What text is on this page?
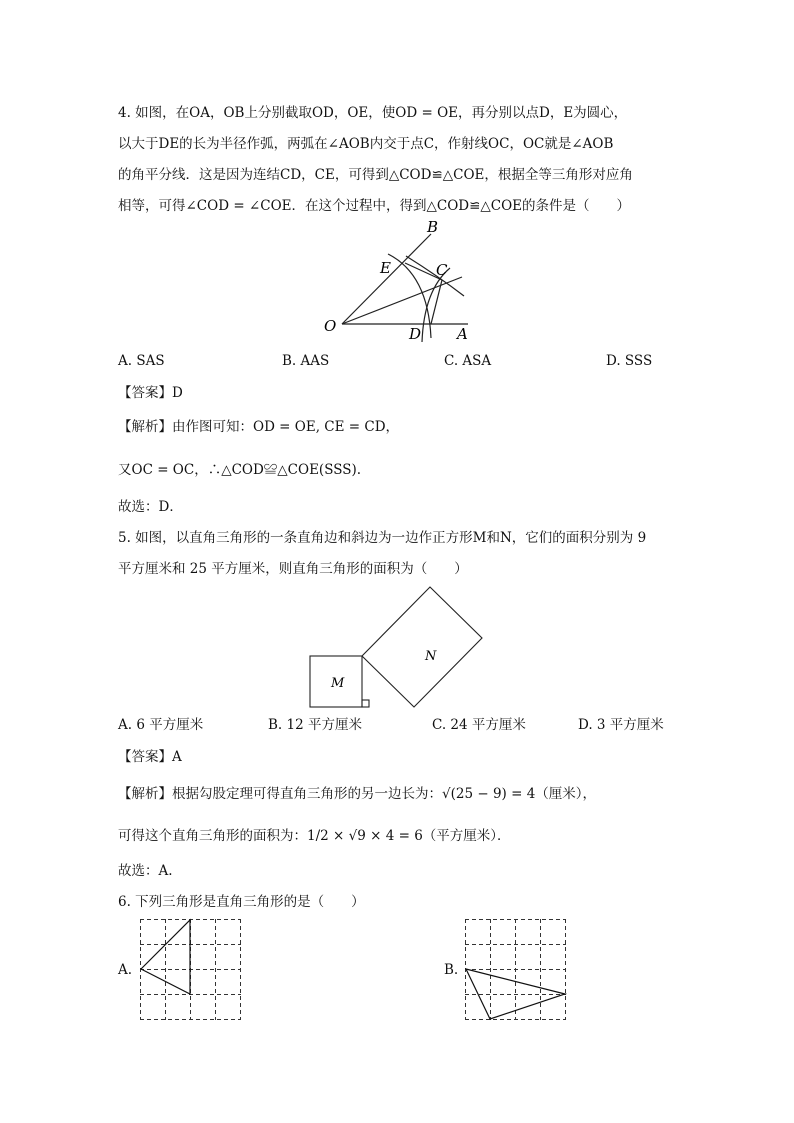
4. 如图，在OA，OB上分别截取OD，OE，使OD = OE，再分别以点D，E为圆心，
以大于DE的长为半径作弧，两弧在∠AOB内交于点C，作射线OC，OC就是∠AOB
的角平分线．这是因为连结CD，CE，可得到△COD≌△COE，根据全等三角形对应角
相等，可得∠COD = ∠COE．在这个过程中，得到△COD≌△COE的条件是（　　）
B
E	C
O	D A
A. SAS	B. AAS	C. ASA	D. SSS
【答案】D
【解析】由作图可知：OD = OE, CE = CD，
又OC = OC，∴△COD≌△COE(SSS).
故选：D．
5. 如图，以直角三角形的一条直角边和斜边为一边作正方形M和N，它们的面积分别为 9
平方厘米和 25 平方厘米，则直角三角形的面积为（　　）
M
N
A. 6 平方厘米	B. 12 平方厘米	C. 24 平方厘米	D. 3 平方厘米
【答案】A
【解析】根据勾股定理可得直角三角形的另一边长为：√(25 − 9) = 4（厘米），
可得这个直角三角形的面积为：1/2 × √9 × 4 = 6（平方厘米）．
故选：A.
6. 下列三角形是直角三角形的是（　　）
A.	B.
